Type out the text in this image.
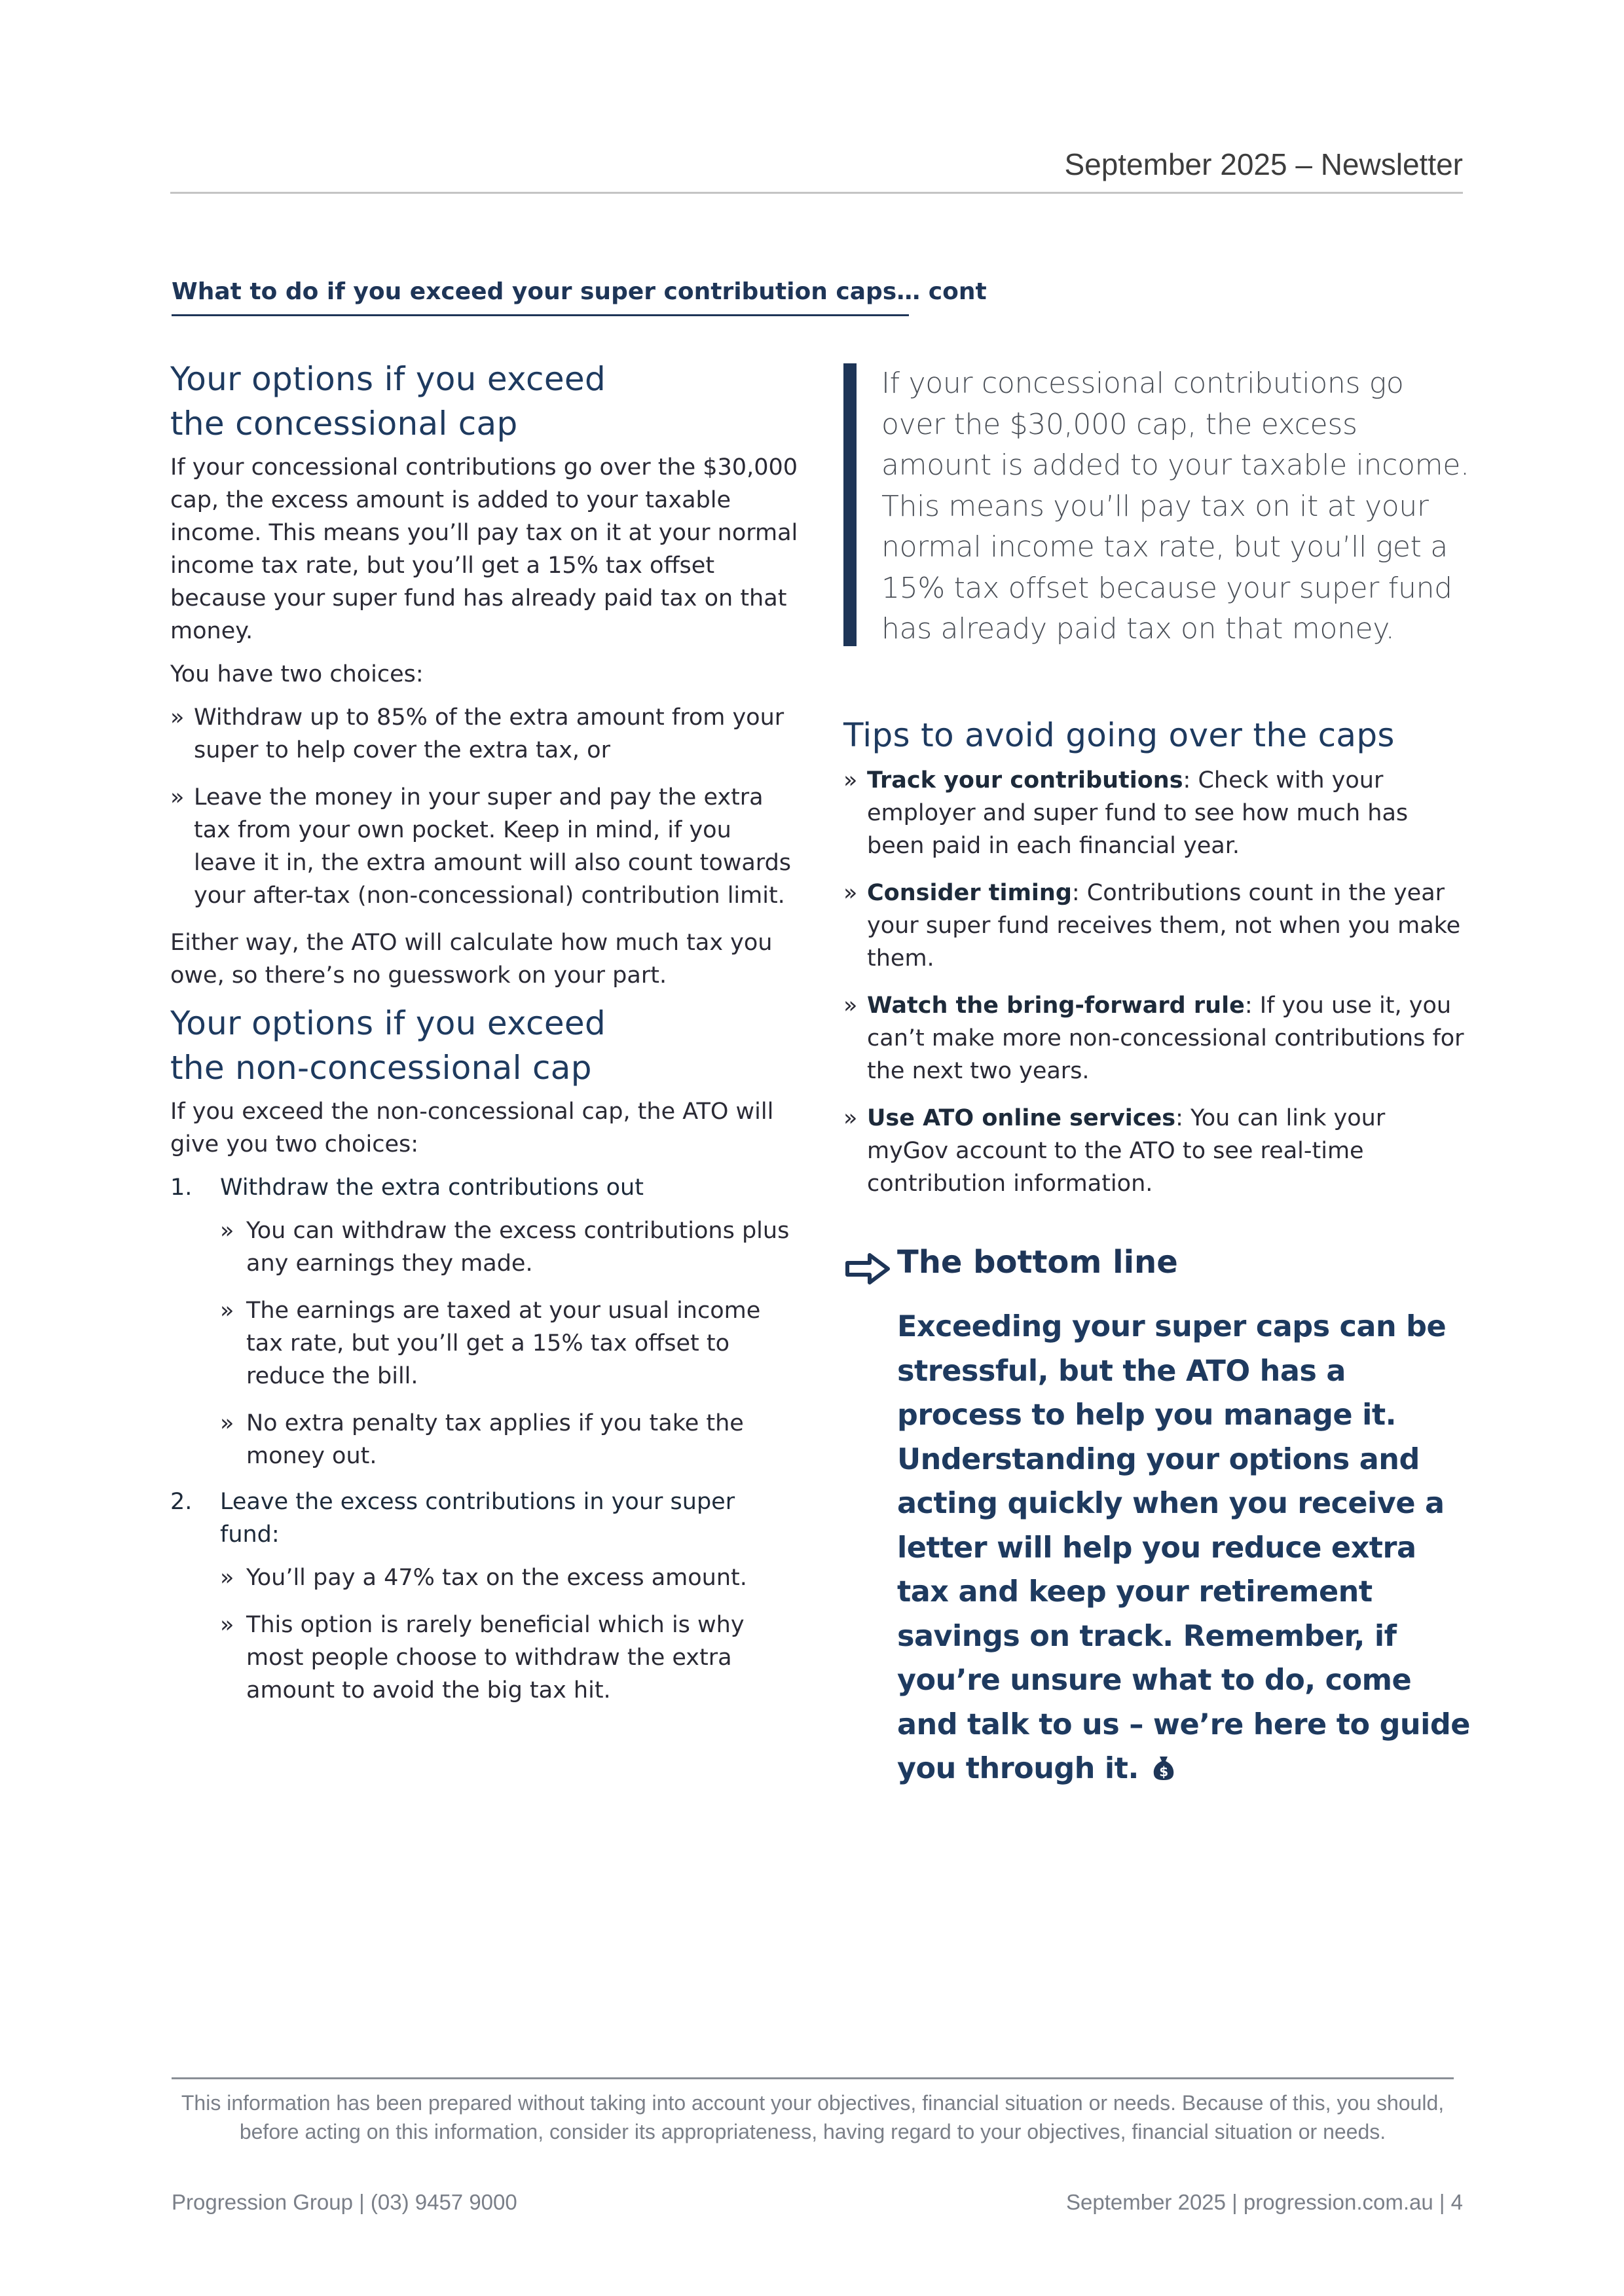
September 2025 – Newsletter
What to do if you exceed your super contribution caps… cont
Your options if you exceed the concessional cap

If your concessional contributions go over the $30,000 cap, the excess amount is added to your taxable income. This means you’ll pay tax on it at your normal income tax rate, but you’ll get a 15% tax offset because your super fund has already paid tax on that money.

You have two choices:

» Withdraw up to 85% of the extra amount from your super to help cover the extra tax, or
» Leave the money in your super and pay the extra tax from your own pocket. Keep in mind, if you leave it in, the extra amount will also count towards your after-tax (non-concessional) contribution limit.

Either way, the ATO will calculate how much tax you owe, so there’s no guesswork on your part.

Your options if you exceed the non-concessional cap

If you exceed the non-concessional cap, the ATO will give you two choices:

1. Withdraw the extra contributions out
» You can withdraw the excess contributions plus any earnings they made.
» The earnings are taxed at your usual income tax rate, but you’ll get a 15% tax offset to reduce the bill.
» No extra penalty tax applies if you take the money out.
2. Leave the excess contributions in your super fund:
» You’ll pay a 47% tax on the excess amount.
» This option is rarely beneficial which is why most people choose to withdraw the extra amount to avoid the big tax hit.
If your concessional contributions go over the $30,000 cap, the excess amount is added to your taxable income. This means you’ll pay tax on it at your normal income tax rate, but you’ll get a 15% tax offset because your super fund has already paid tax on that money.
Tips to avoid going over the caps
» Track your contributions: Check with your employer and super fund to see how much has been paid in each financial year.
» Consider timing: Contributions count in the year your super fund receives them, not when you make them.
» Watch the bring-forward rule: If you use it, you can’t make more non-concessional contributions for the next two years.
» Use ATO online services: You can link your myGov account to the ATO to see real-time contribution information.
The bottom line
Exceeding your super caps can be stressful, but the ATO has a process to help you manage it. Understanding your options and acting quickly when you receive a letter will help you reduce extra tax and keep your retirement savings on track. Remember, if you’re unsure what to do, come and talk to us – we’re here to guide you through it. $
This information has been prepared without taking into account your objectives, financial situation or needs. Because of this, you should, before acting on this information, consider its appropriateness, having regard to your objectives, financial situation or needs.
Progression Group | (03) 9457 9000	September 2025 | progression.com.au | 4
